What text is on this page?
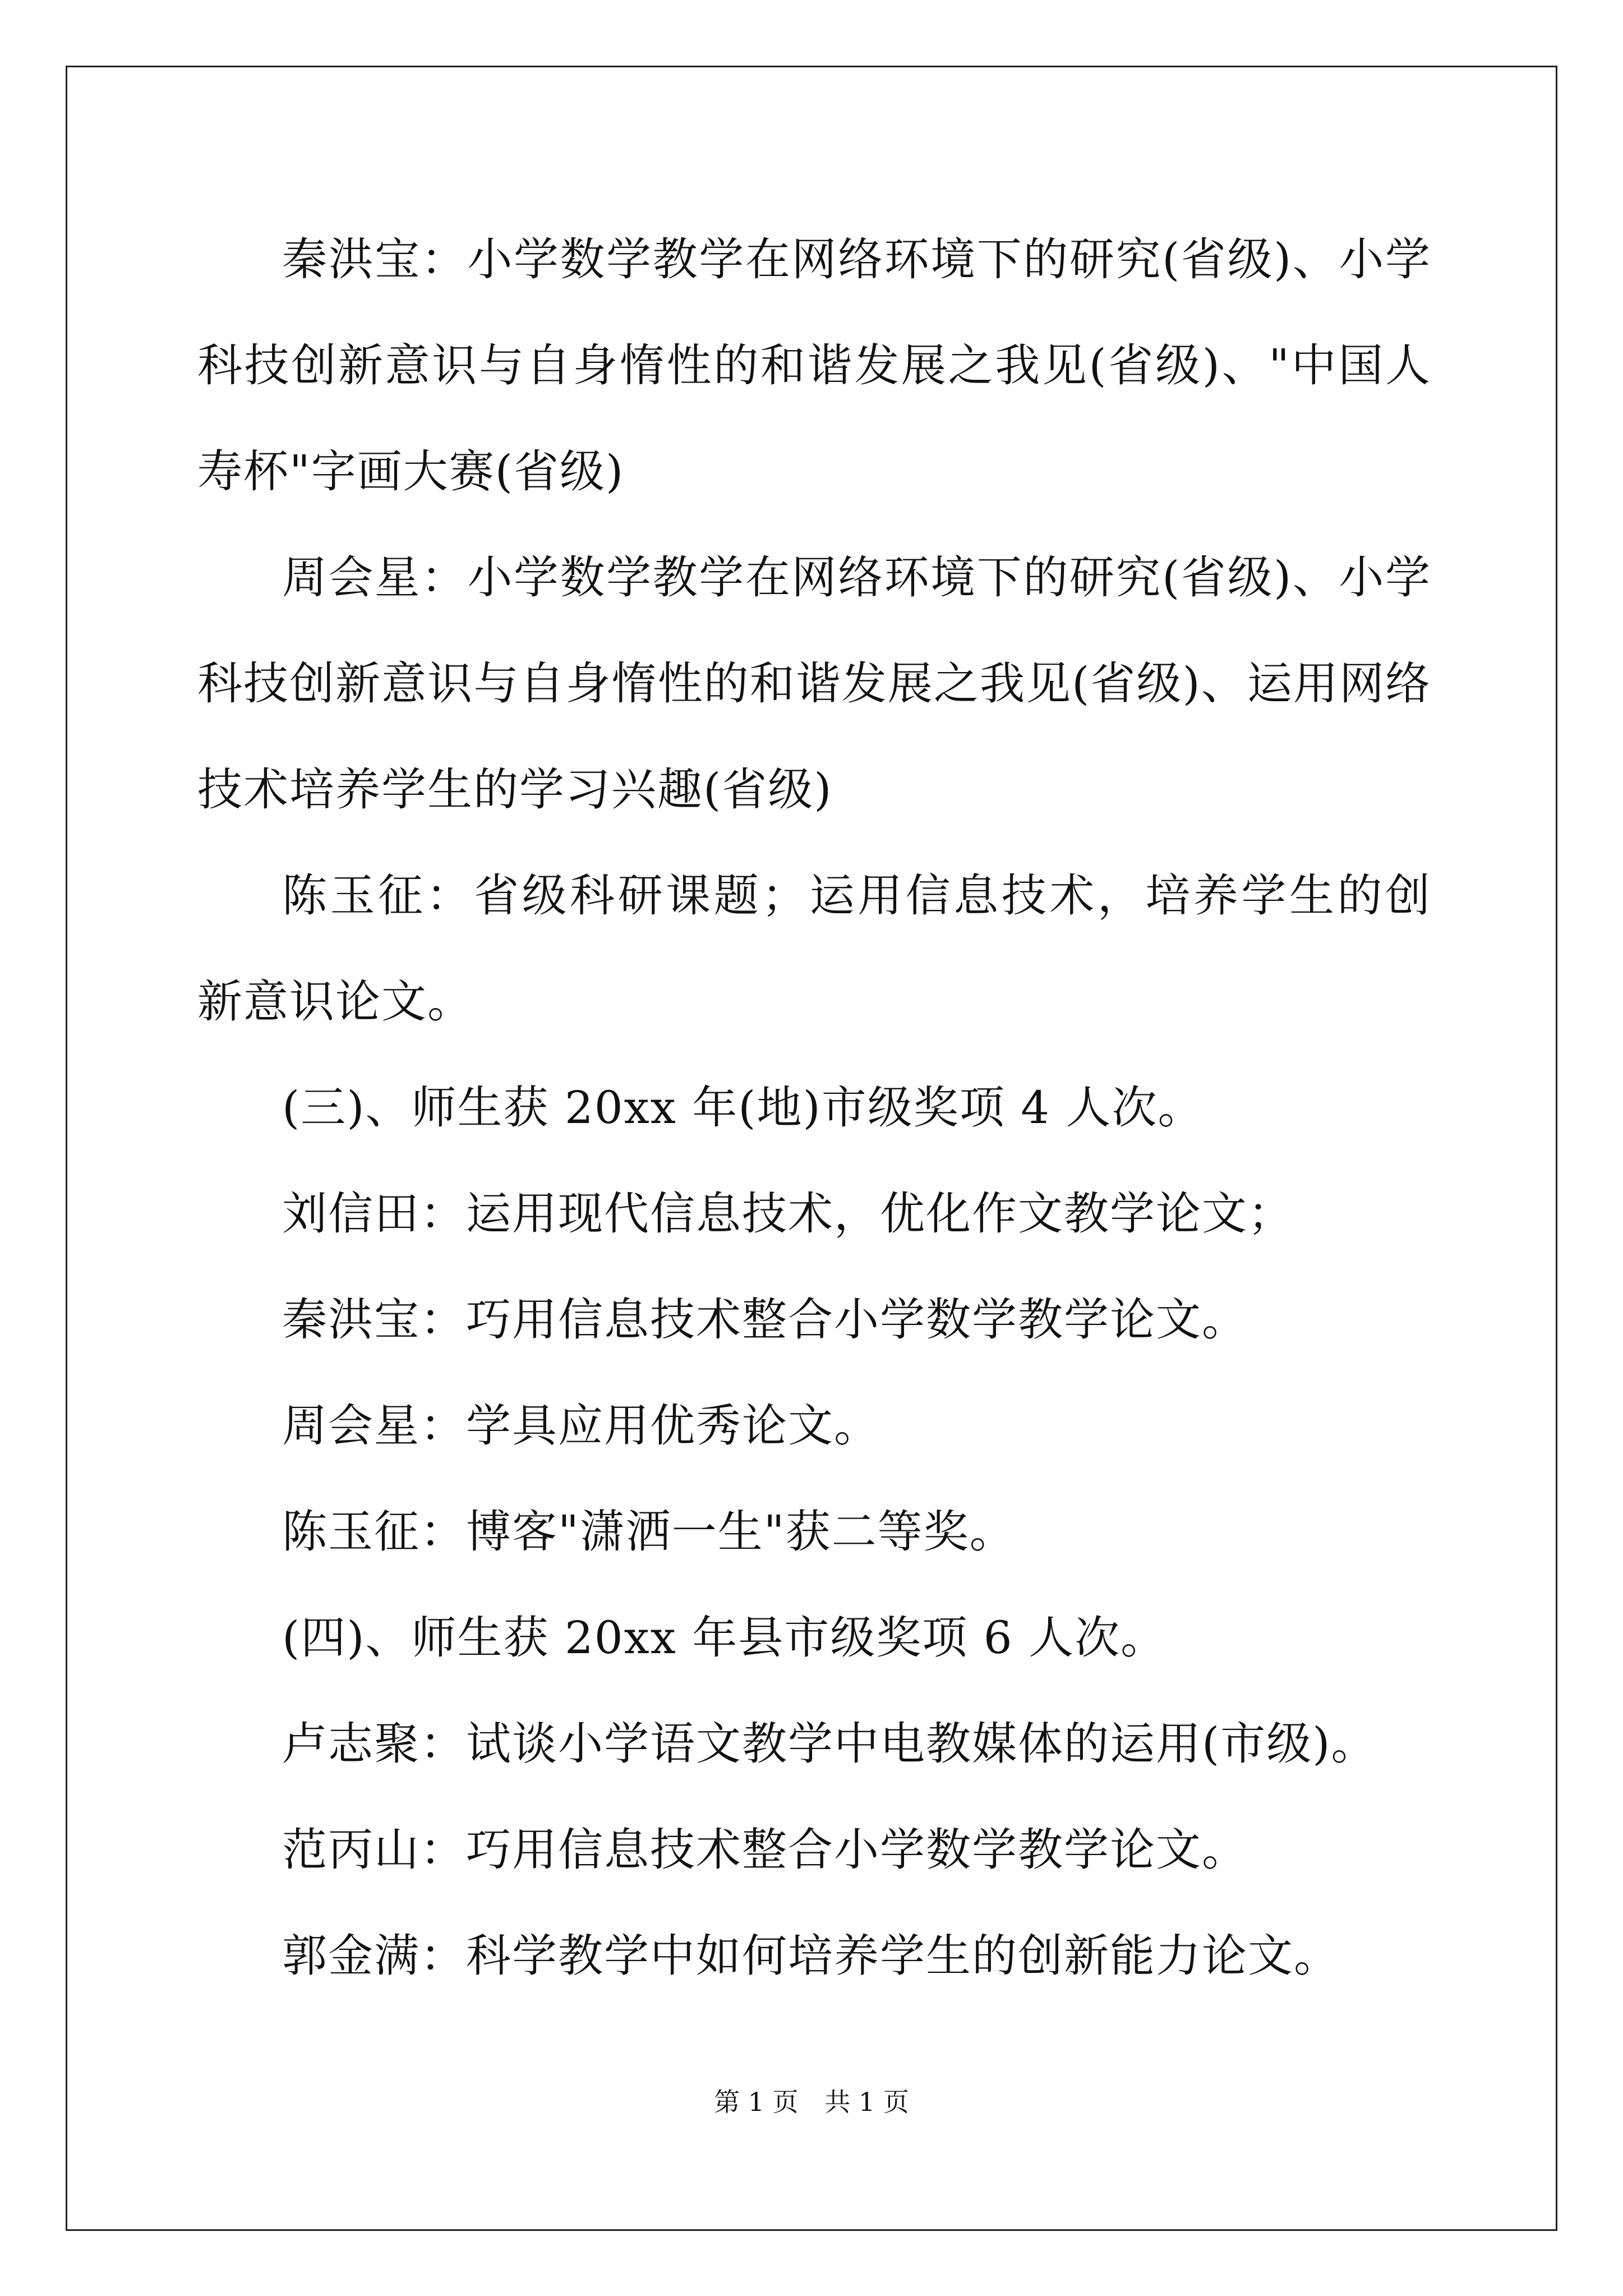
秦洪宝：小学数学教学在网络环境下的研究(省级)、小学科技创新意识与自身惰性的和谐发展之我见(省级)、"中国人寿杯"字画大赛(省级)

周会星：小学数学教学在网络环境下的研究(省级)、小学科技创新意识与自身惰性的和谐发展之我见(省级)、运用网络技术培养学生的学习兴趣(省级)

陈玉征：省级科研课题；运用信息技术，培养学生的创新意识论文。

(三)、师生获 20xx 年(地)市级奖项 4 人次。

刘信田：运用现代信息技术，优化作文教学论文；

秦洪宝：巧用信息技术整合小学数学教学论文。

周会星：学具应用优秀论文。

陈玉征：博客"潇洒一生"获二等奖。

(四)、师生获 20xx 年县市级奖项 6 人次。

卢志聚：试谈小学语文教学中电教媒体的运用(市级)。

范丙山：巧用信息技术整合小学数学教学论文。

郭金满：科学教学中如何培养学生的创新能力论文。

第 1 页 共 1 页
